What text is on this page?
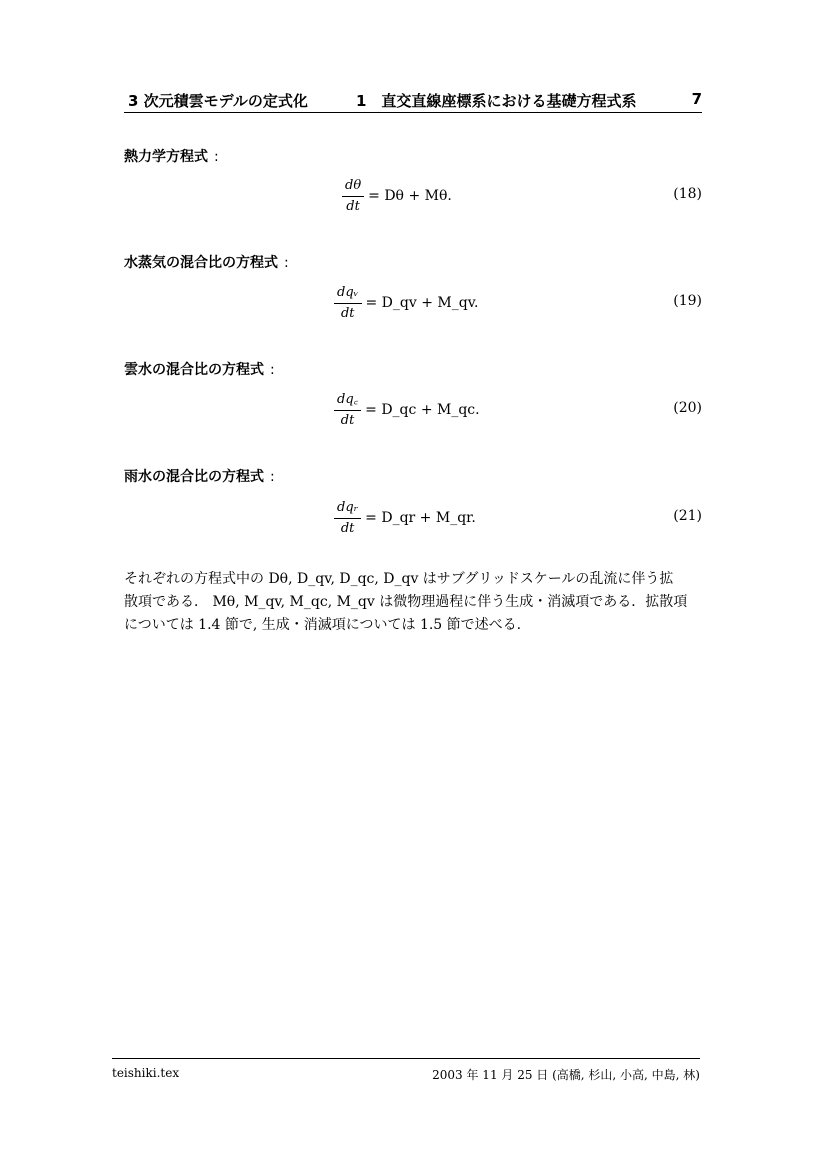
3 次元積雲モデルの定式化	1　直交直線座標系における基礎方程式系	7
熱力学方程式 :
$\frac{d\theta}{dt} = D\theta + M\theta$.	(18)
水蒸気の混合比の方程式 :
$\frac{\text{dqᵥ}}{dt}$ = D_qv + M_qv.	(19)
雲水の混合比の方程式 :
$\frac{dq꜀}{dt}$ = D_qc + M_qc.	(20)
雨水の混合比の方程式 :
$\frac{\text{dqᵣ}}{dt}$ = D_qr + M_qr.	(21)
それぞれの方程式中の Dθ, D_qv, D_qc, D_qv はサブグリッドスケールの乱流に伴う拡
散項である． Mθ, M_qv, M_qc, M_qv は微物理過程に伴う生成・消滅項である．拡散項
については 1.4 節で, 生成・消滅項については 1.5 節で述べる.
teishiki.tex	2003 年 11 月 25 日 (高橋, 杉山, 小高, 中島, 林)
